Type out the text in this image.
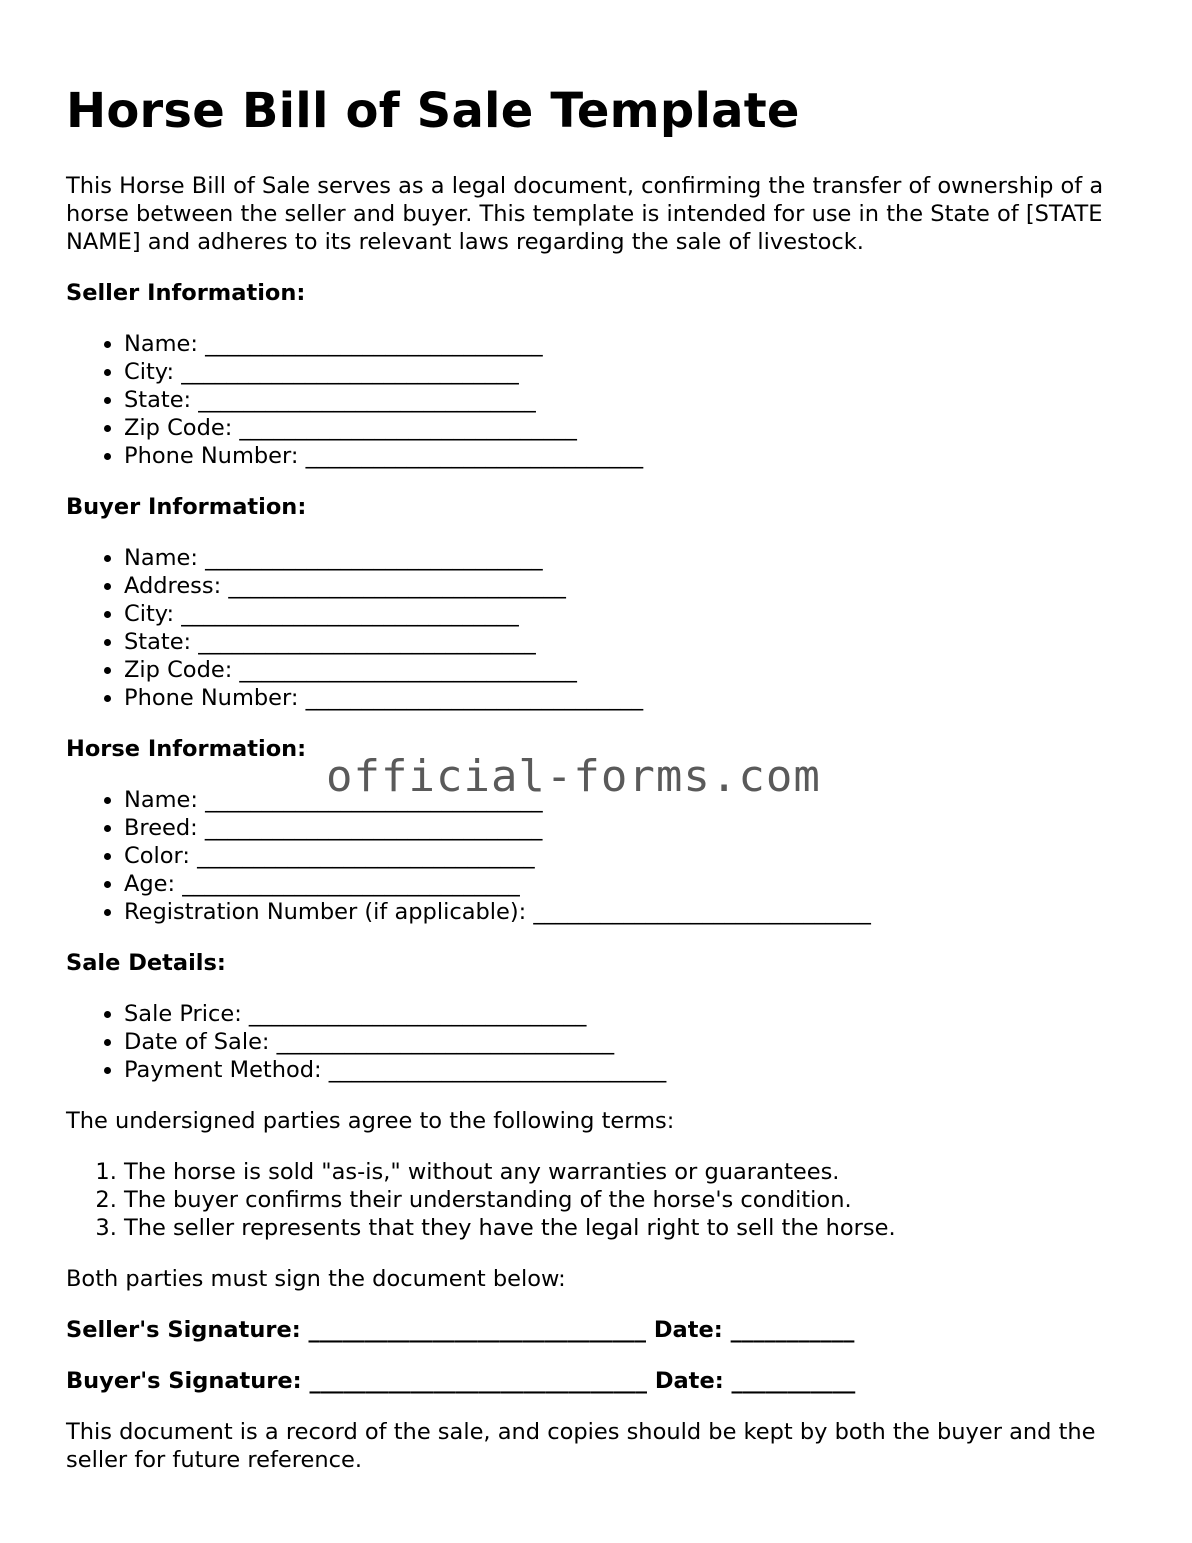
Horse Bill of Sale Template

This Horse Bill of Sale serves as a legal document, confirming the transfer of ownership of a horse between the seller and buyer. This template is intended for use in the State of [STATE NAME] and adheres to its relevant laws regarding the sale of livestock.

Seller Information:

• Name: ______________________________
• City: ______________________________
• State: ______________________________
• Zip Code: ______________________________
• Phone Number: ______________________________

Buyer Information:

• Name: ______________________________
• Address: ______________________________
• City: ______________________________
• State: ______________________________
• Zip Code: ______________________________
• Phone Number: ______________________________

Horse Information:

• Name: ______________________________
• Breed: ______________________________
• Color: ______________________________
• Age: ______________________________
• Registration Number (if applicable): ______________________________

Sale Details:

• Sale Price: ______________________________
• Date of Sale: ______________________________
• Payment Method: ______________________________

The undersigned parties agree to the following terms:

1. The horse is sold "as-is," without any warranties or guarantees.
2. The buyer confirms their understanding of the horse's condition.
3. The seller represents that they have the legal right to sell the horse.

Both parties must sign the document below:

Seller's Signature: ______________________________ Date: ___________

Buyer's Signature: ______________________________ Date: ___________

This document is a record of the sale, and copies should be kept by both the buyer and the seller for future reference.

official-forms.com
